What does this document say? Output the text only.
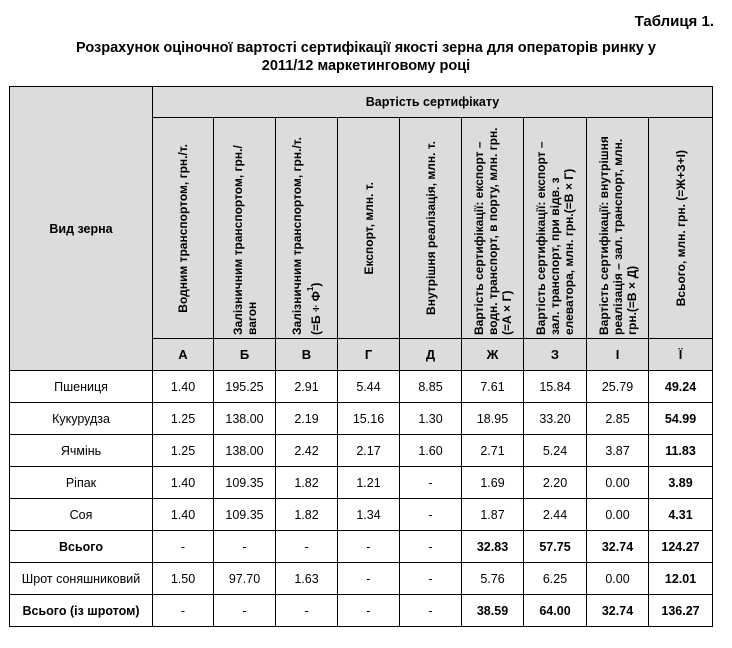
Таблиця 1.
Розрахунок оціночної вартості сертифікації якості зерна для операторів ринку у
2011/12 маркетинговому році
Вид зерна	Вартість сертифікату								

	Водним транспортом, грн./т.	Залізничним транспортом, грн./вагон	Залізничним транспортом, грн./т. $(=Б\div Ф^1)$	Експорт, млн. т.	Внутрішня реалізація, млн. т.	Вартість сертифікації: експорт – водн. транспорт, в порту, млн. грн.(=А×Г)	Вартість сертифікації: експорт – зал. транспорт, при відв. з елеватора, млн. грн.(=В×Г)	Вартість сертифікації: внутрішня реалізація – зал. транспорт, млн. грн.(=В×Д)	Всього, млн. грн. (=Ж+З+І)

	А	Б	В	Г	Д	Ж	З	І	Ї
Пшениця	1.40	195.25	2.91	5.44	8.85	7.61	15.84	25.79	49.24
Кукурудза	1.25	138.00	2.19	15.16	1.30	18.95	33.20	2.85	54.99
Ячмінь	1.25	138.00	2.42	2.17	1.60	2.71	5.24	3.87	11.83
Ріпак	1.40	109.35	1.82	1.21	-	1.69	2.20	0.00	3.89
Соя	1.40	109.35	1.82	1.34	-	1.87	2.44	0.00	4.31
Всього	-	-	-	-	-	32.83	57.75	32.74	124.27
Шрот соняшниковий	1.50	97.70	1.63	-	-	5.76	6.25	0.00	12.01
Всього (із шротом)	-	-	-	-	-	38.59	64.00	32.74	136.27
